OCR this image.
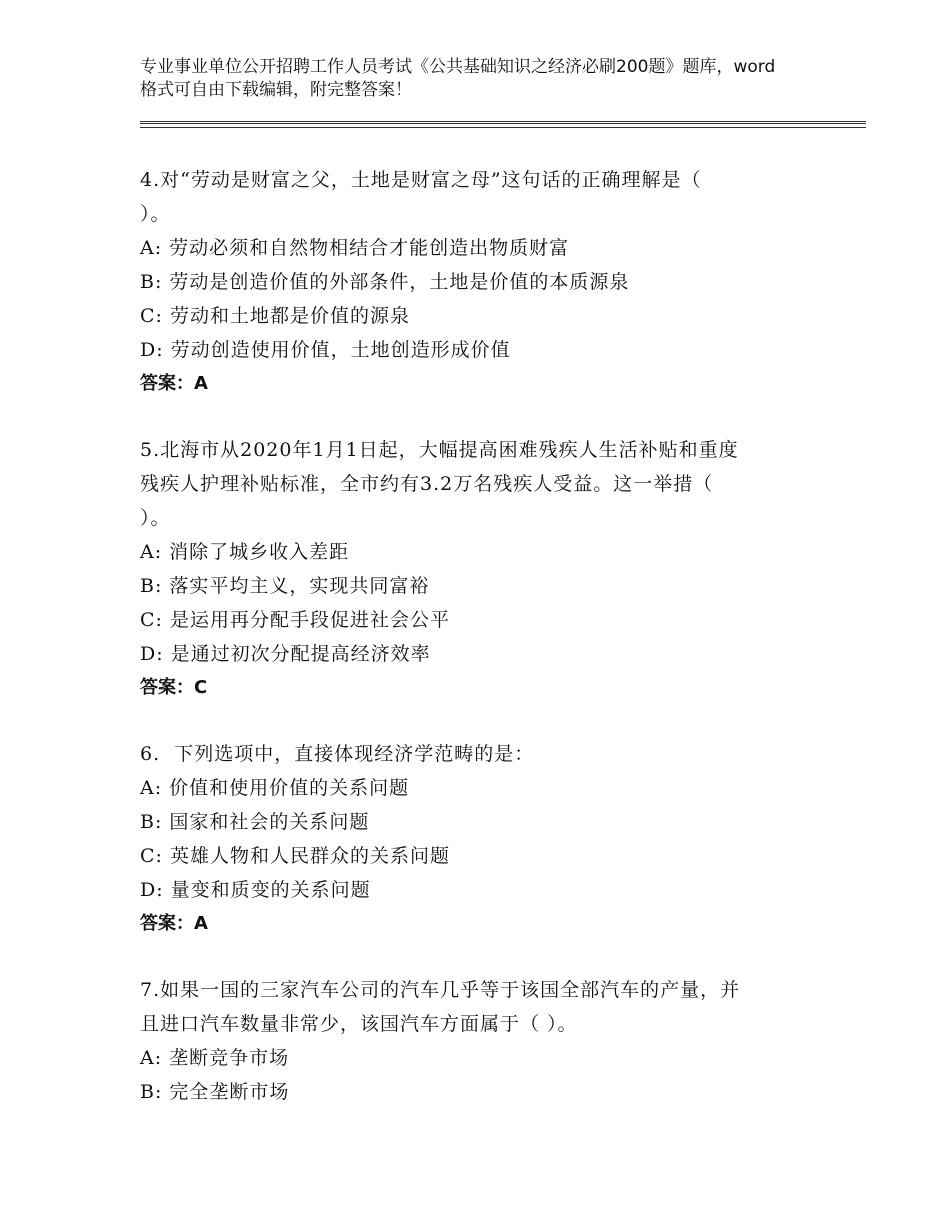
专业事业单位公开招聘工作人员考试《公共基础知识之经济必刷200题》题库，word格式可自由下载编辑，附完整答案！

4.对“劳动是财富之父，土地是财富之母”这句话的正确理解是（

）。

A: 劳动必须和自然物相结合才能创造出物质财富

B: 劳动是创造价值的外部条件，土地是价值的本质源泉

C: 劳动和土地都是价值的源泉

D: 劳动创造使用价值，土地创造形成价值

答案：A

5.北海市从2020年1月1日起，大幅提高困难残疾人生活补贴和重度

残疾人护理补贴标准，全市约有3.2万名残疾人受益。这一举措（

）。

A: 消除了城乡收入差距

B: 落实平均主义，实现共同富裕

C: 是运用再分配手段促进社会公平

D: 是通过初次分配提高经济效率

答案：C

6.  下列选项中，直接体现经济学范畴的是：

A: 价值和使用价值的关系问题

B: 国家和社会的关系问题

C: 英雄人物和人民群众的关系问题

D: 量变和质变的关系问题

答案：A

7.如果一国的三家汽车公司的汽车几乎等于该国全部汽车的产量，并

且进口汽车数量非常少，该国汽车方面属于（ ）。

A: 垄断竞争市场

B: 完全垄断市场
